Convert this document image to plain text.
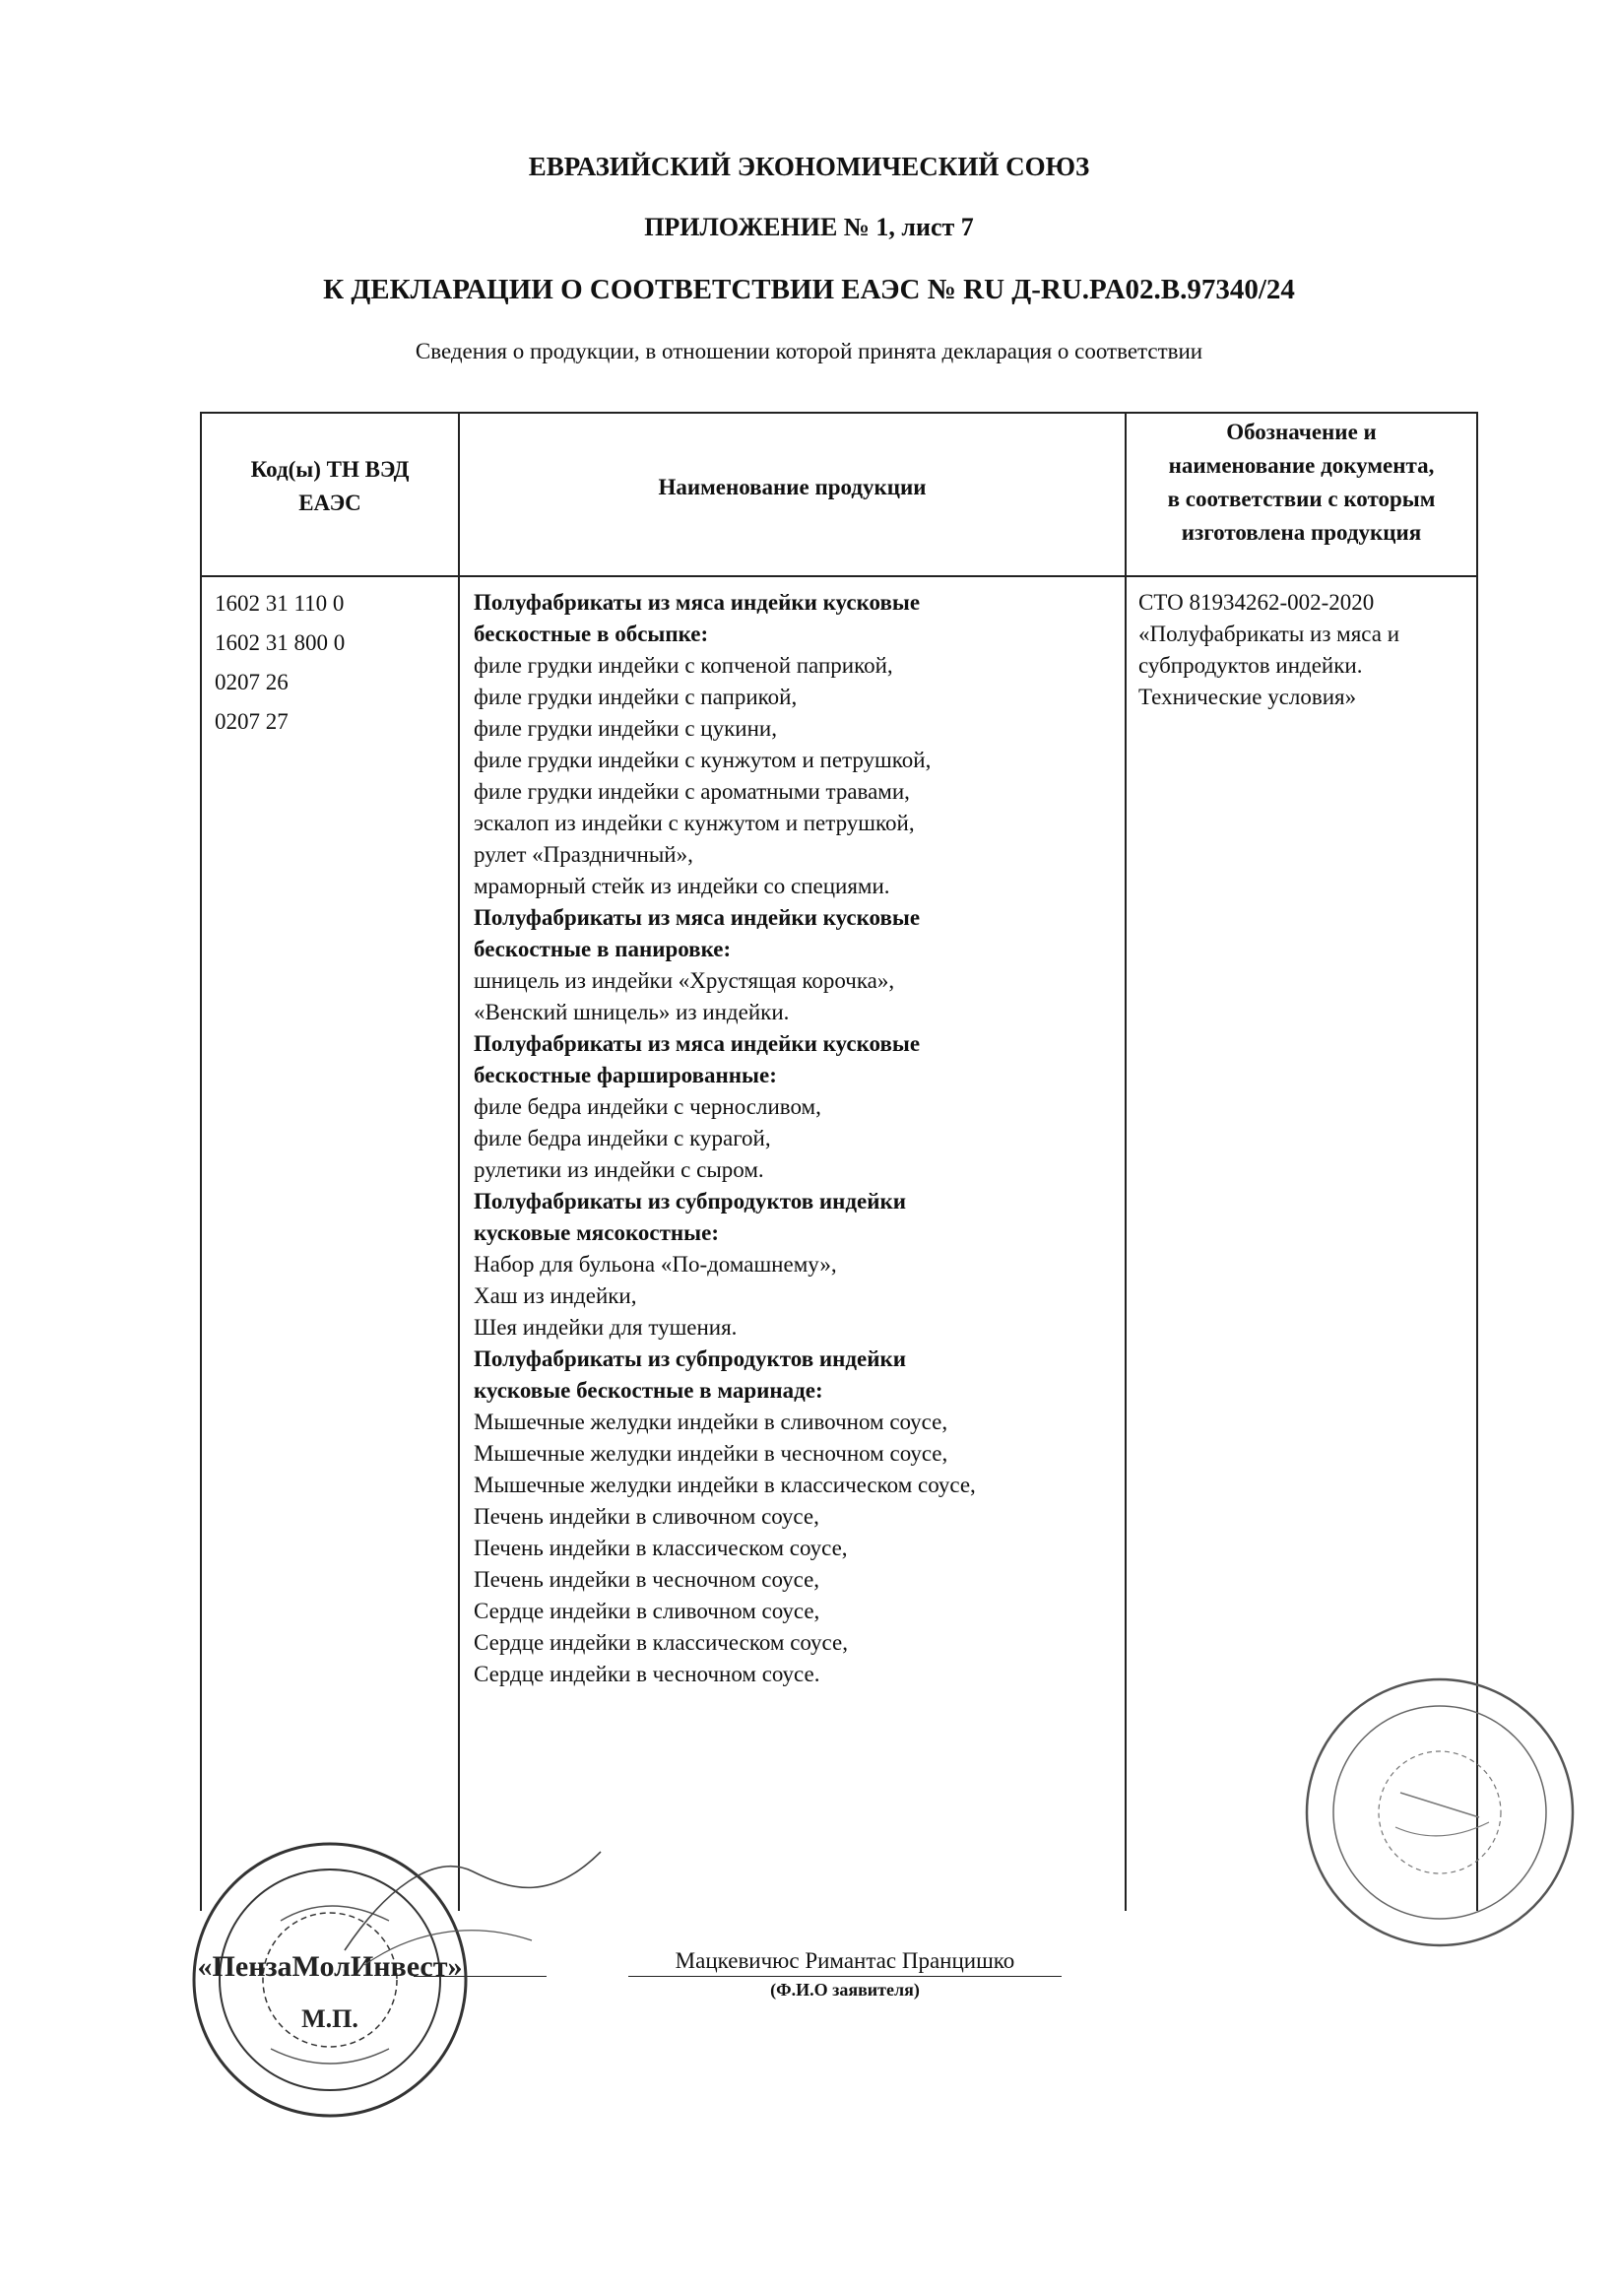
ЕВРАЗИЙСКИЙ ЭКОНОМИЧЕСКИЙ СОЮЗ
ПРИЛОЖЕНИЕ № 1, лист 7
К ДЕКЛАРАЦИИ О СООТВЕТСТВИИ ЕАЭС № RU Д-RU.PA02.B.97340/24
Сведения о продукции, в отношении которой принята декларация о соответствии
Код(ы) ТН ВЭД
ЕАЭС
Наименование продукции
Обозначение и
наименование документа,
в соответствии с которым
изготовлена продукция
1602 31 110 0
1602 31 800 0
0207 26
0207 27
Полуфабрикаты из мяса индейки кусковые
бескостные в обсыпке:
филе грудки индейки с копченой паприкой,
филе грудки индейки с паприкой,
филе грудки индейки с цукини,
филе грудки индейки с кунжутом и петрушкой,
филе грудки индейки с ароматными травами,
эскалоп из индейки с кунжутом и петрушкой,
рулет «Праздничный»,
мраморный стейк из индейки со специями.
Полуфабрикаты из мяса индейки кусковые
бескостные в панировке:
шницель из индейки «Хрустящая корочка»,
«Венский шницель» из индейки.
Полуфабрикаты из мяса индейки кусковые
бескостные фаршированные:
филе бедра индейки с черносливом,
филе бедра индейки с курагой,
рулетики из индейки с сыром.
Полуфабрикаты из субпродуктов индейки
кусковые мясокостные:
Набор для бульона «По-домашнему»,
Хаш из индейки,
Шея индейки для тушения.
Полуфабрикаты из субпродуктов индейки
кусковые бескостные в маринаде:
Мышечные желудки индейки в сливочном соусе,
Мышечные желудки индейки в чесночном соусе,
Мышечные желудки индейки в классическом соусе,
Печень индейки в сливочном соусе,
Печень индейки в классическом соусе,
Печень индейки в чесночном соусе,
Сердце индейки в сливочном соусе,
Сердце индейки в классическом соусе,
Сердце индейки в чесночном соусе.
СТО 81934262-002-2020
«Полуфабрикаты из мяса и
субпродуктов индейки.
Технические условия»
Мацкевичюс Римантас Пранцишко
(Ф.И.О заявителя)
«ПензаМолИнвест»
М.П.
